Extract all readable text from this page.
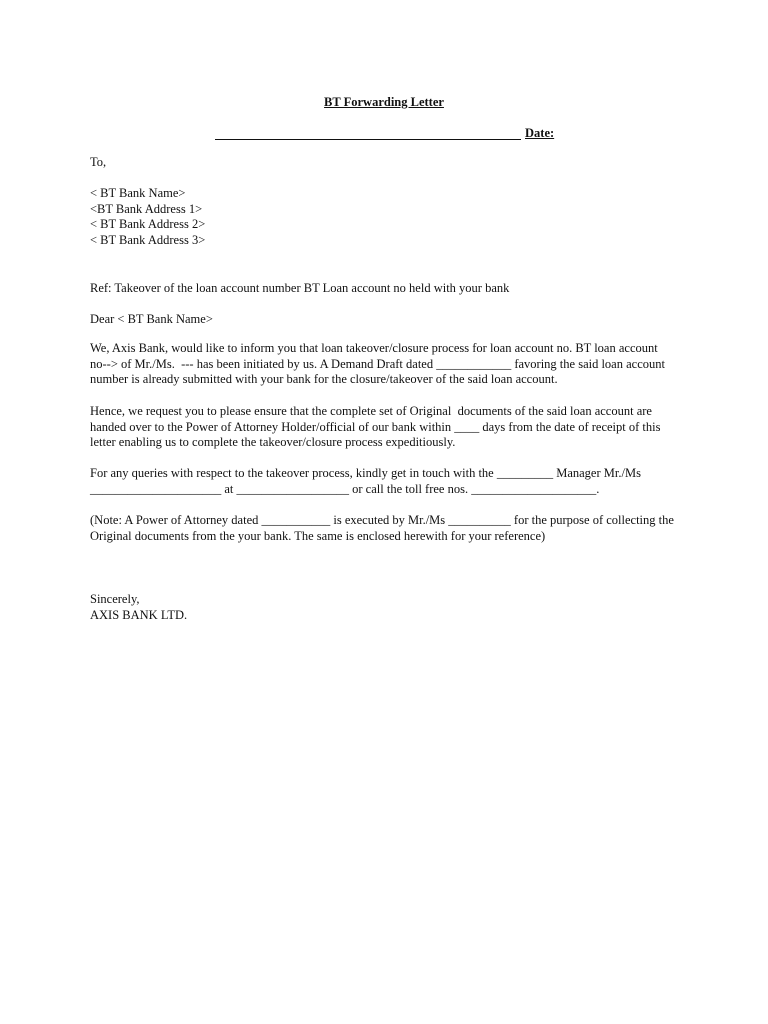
BT Forwarding Letter
Date:
To,
< BT Bank Name>
<BT Bank Address 1>
< BT Bank Address 2>
< BT Bank Address 3>
Ref: Takeover of the loan account number BT Loan account no held with your bank
Dear < BT Bank Name>
We, Axis Bank, would like to inform you that loan takeover/closure process for loan account no. BT loan account
no--> of Mr./Ms.  --- has been initiated by us. A Demand Draft dated ____________ favoring the said loan account
number is already submitted with your bank for the closure/takeover of the said loan account.
Hence, we request you to please ensure that the complete set of Original  documents of the said loan account are
handed over to the Power of Attorney Holder/official of our bank within ____ days from the date of receipt of this
letter enabling us to complete the takeover/closure process expeditiously.
For any queries with respect to the takeover process, kindly get in touch with the _________ Manager Mr./Ms
_____________________ at __________________ or call the toll free nos. ____________________.
(Note: A Power of Attorney dated ___________ is executed by Mr./Ms __________ for the purpose of collecting the
Original documents from the your bank. The same is enclosed herewith for your reference)
Sincerely,
AXIS BANK LTD.
